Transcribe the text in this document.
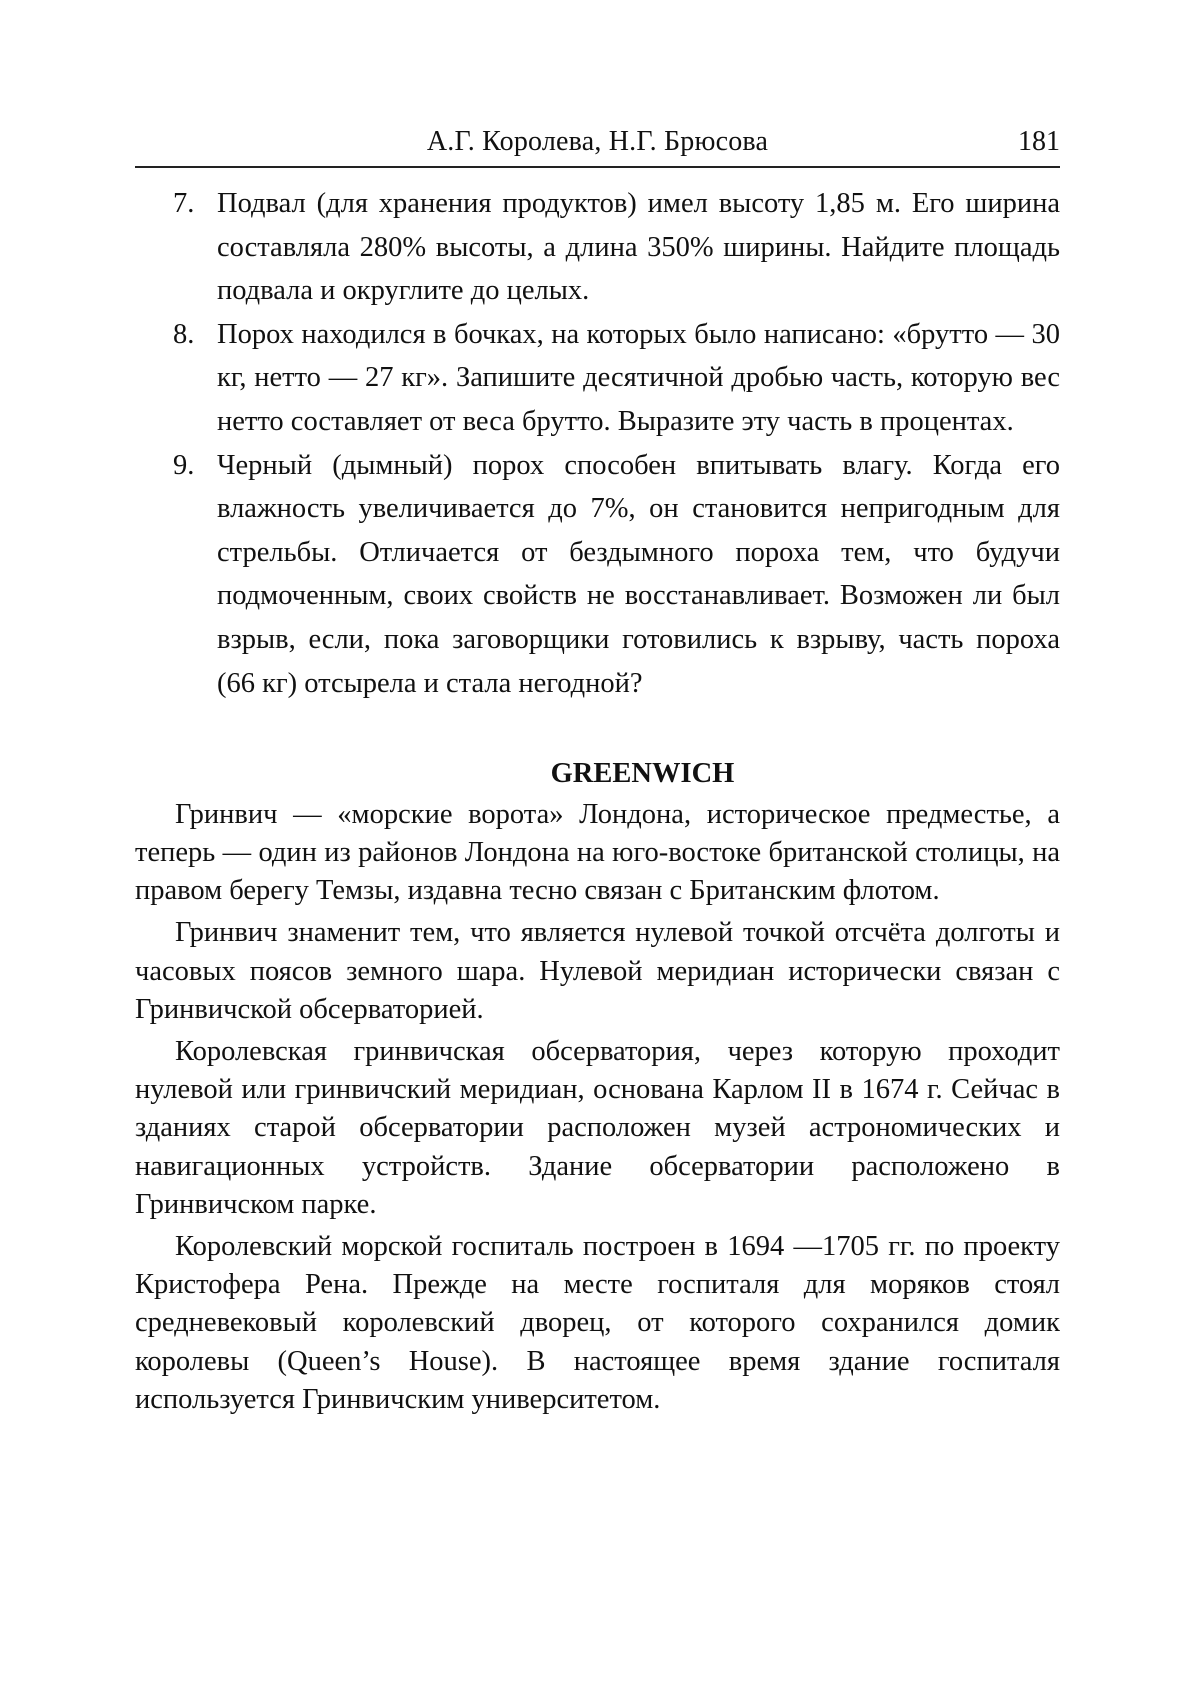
А.Г. Королева, Н.Г. Брюсова	181
7. Подвал (для хранения продуктов) имел высоту 1,85 м. Его ширина составляла 280% высоты, а длина 350% ширины. Найдите площадь подвала и округлите до целых.
8. Порох находился в бочках, на которых было написано: «брутто — 30 кг, нетто — 27 кг». Запишите десятичной дробью часть, которую вес нетто составляет от веса брутто. Выразите эту часть в процентах.
9. Черный (дымный) порох способен впитывать влагу. Когда его влажность увеличивается до 7%, он становится непригодным для стрельбы. Отличается от бездымного пороха тем, что будучи подмоченным, своих свойств не восстанавливает. Возможен ли был взрыв, если, пока заговорщики готовились к взрыву, часть пороха (66 кг) отсырела и стала негодной?
GREENWICH

Гринвич — «морские ворота» Лондона, историческое предместье, а теперь — один из районов Лондона на юго-востоке британской столицы, на правом берегу Темзы, издавна тесно связан с Британским флотом.

Гринвич знаменит тем, что является нулевой точкой отсчёта долготы и часовых поясов земного шара. Нулевой меридиан исторически связан с Гринвичской обсерваторией.

Королевская гринвичская обсерватория, через которую проходит нулевой или гринвичский меридиан, основана Карлом II в 1674 г. Сейчас в зданиях старой обсерватории расположен музей астрономических и навигационных устройств. Здание обсерватории расположено в Гринвичском парке.

Королевский морской госпиталь построен в 1694 —1705 гг. по проекту Кристофера Рена. Прежде на месте госпиталя для моряков стоял средневековый королевский дворец, от которого сохранился домик королевы (Queen’s House). В настоящее время здание госпиталя используется Гринвичским университетом.
